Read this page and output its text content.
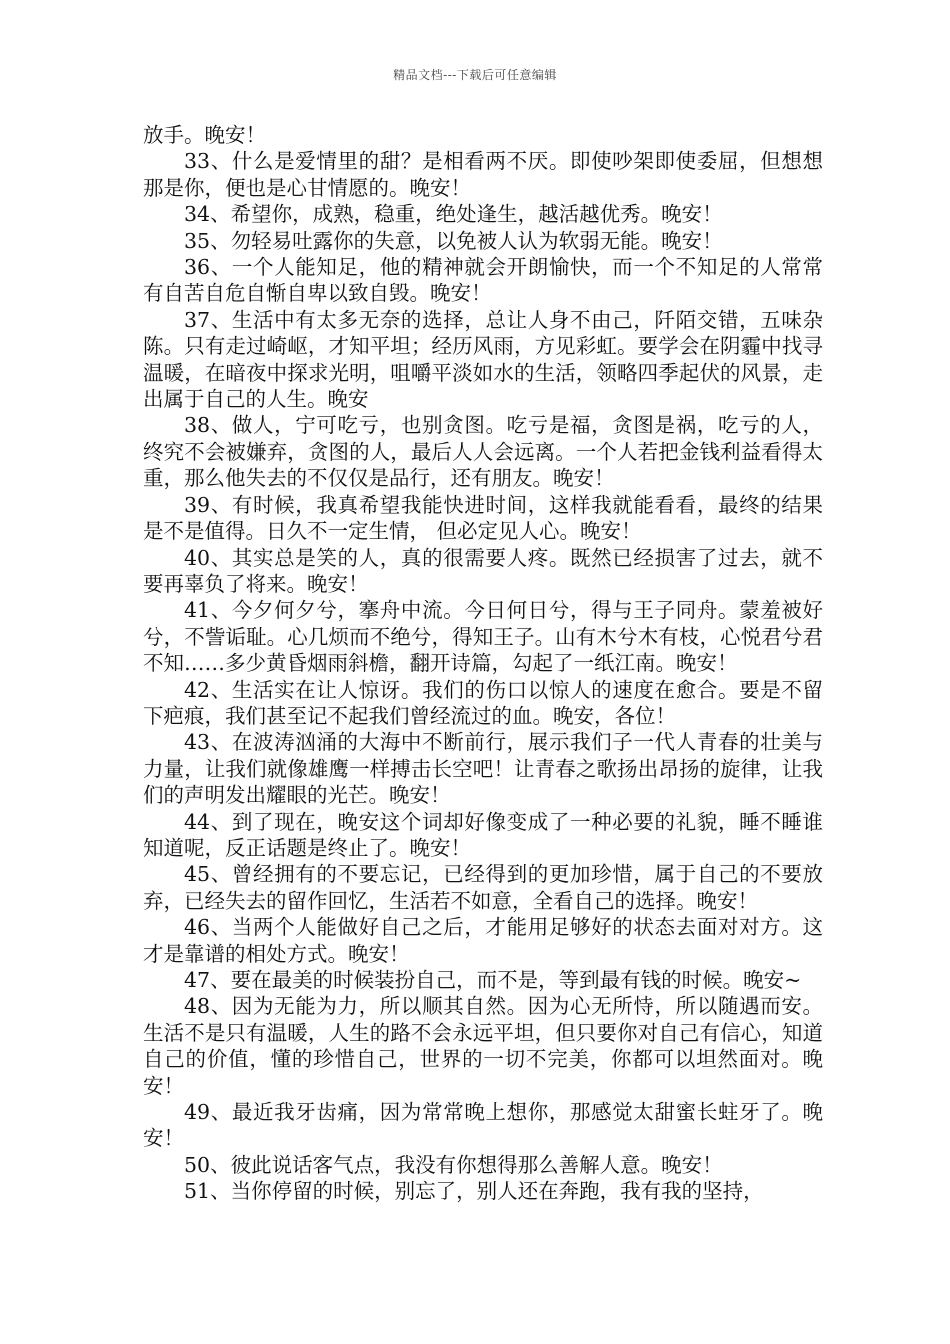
精品文档---下载后可任意编辑

放手。晚安！

33、什么是爱情里的甜？是相看两不厌。即使吵架即使委屈，但想想那是你，便也是心甘情愿的。晚安！

34、希望你，成熟，稳重，绝处逢生，越活越优秀。晚安！

35、勿轻易吐露你的失意，以免被人认为软弱无能。晚安！

36、一个人能知足，他的精神就会开朗愉快，而一个不知足的人常常有自苦自危自惭自卑以致自毁。晚安！

37、生活中有太多无奈的选择，总让人身不由己，阡陌交错，五味杂陈。只有走过崎岖，才知平坦；经历风雨，方见彩虹。要学会在阴霾中找寻温暖，在暗夜中探求光明，咀嚼平淡如水的生活，领略四季起伏的风景，走出属于自己的人生。晚安

38、做人，宁可吃亏，也别贪图。吃亏是福，贪图是祸，吃亏的人，终究不会被嫌弃，贪图的人，最后人人会远离。一个人若把金钱利益看得太重，那么他失去的不仅仅是品行，还有朋友。晚安！

39、有时候，我真希望我能快进时间，这样我就能看看，最终的结果是不是值得。日久不一定生情， 但必定见人心。晚安！

40、其实总是笑的人，真的很需要人疼。既然已经损害了过去，就不要再辜负了将来。晚安！

41、今夕何夕兮，搴舟中流。今日何日兮，得与王子同舟。蒙羞被好兮，不訾诟耻。心几烦而不绝兮，得知王子。山有木兮木有枝，心悦君兮君不知……多少黄昏烟雨斜檐，翻开诗篇，勾起了一纸江南。晚安！

42、生活实在让人惊讶。我们的伤口以惊人的速度在愈合。要是不留下疤痕，我们甚至记不起我们曾经流过的血。晚安，各位！

43、在波涛汹涌的大海中不断前行，展示我们子一代人青春的壮美与力量，让我们就像雄鹰一样搏击长空吧！让青春之歌扬出昂扬的旋律，让我们的声明发出耀眼的光芒。晚安！

44、到了现在，晚安这个词却好像变成了一种必要的礼貌，睡不睡谁知道呢，反正话题是终止了。晚安！

45、曾经拥有的不要忘记，已经得到的更加珍惜，属于自己的不要放弃，已经失去的留作回忆，生活若不如意，全看自己的选择。晚安！

46、当两个人能做好自己之后，才能用足够好的状态去面对对方。这才是靠谱的相处方式。晚安！

47、要在最美的时候装扮自己，而不是，等到最有钱的时候。晚安~

48、因为无能为力，所以顺其自然。因为心无所恃，所以随遇而安。生活不是只有温暖，人生的路不会永远平坦，但只要你对自己有信心，知道自己的价值，懂的珍惜自己，世界的一切不完美，你都可以坦然面对。晚安！

49、最近我牙齿痛，因为常常晚上想你，那感觉太甜蜜长蛀牙了。晚安！

50、彼此说话客气点，我没有你想得那么善解人意。晚安！

51、当你停留的时候，别忘了，别人还在奔跑，我有我的坚持，
